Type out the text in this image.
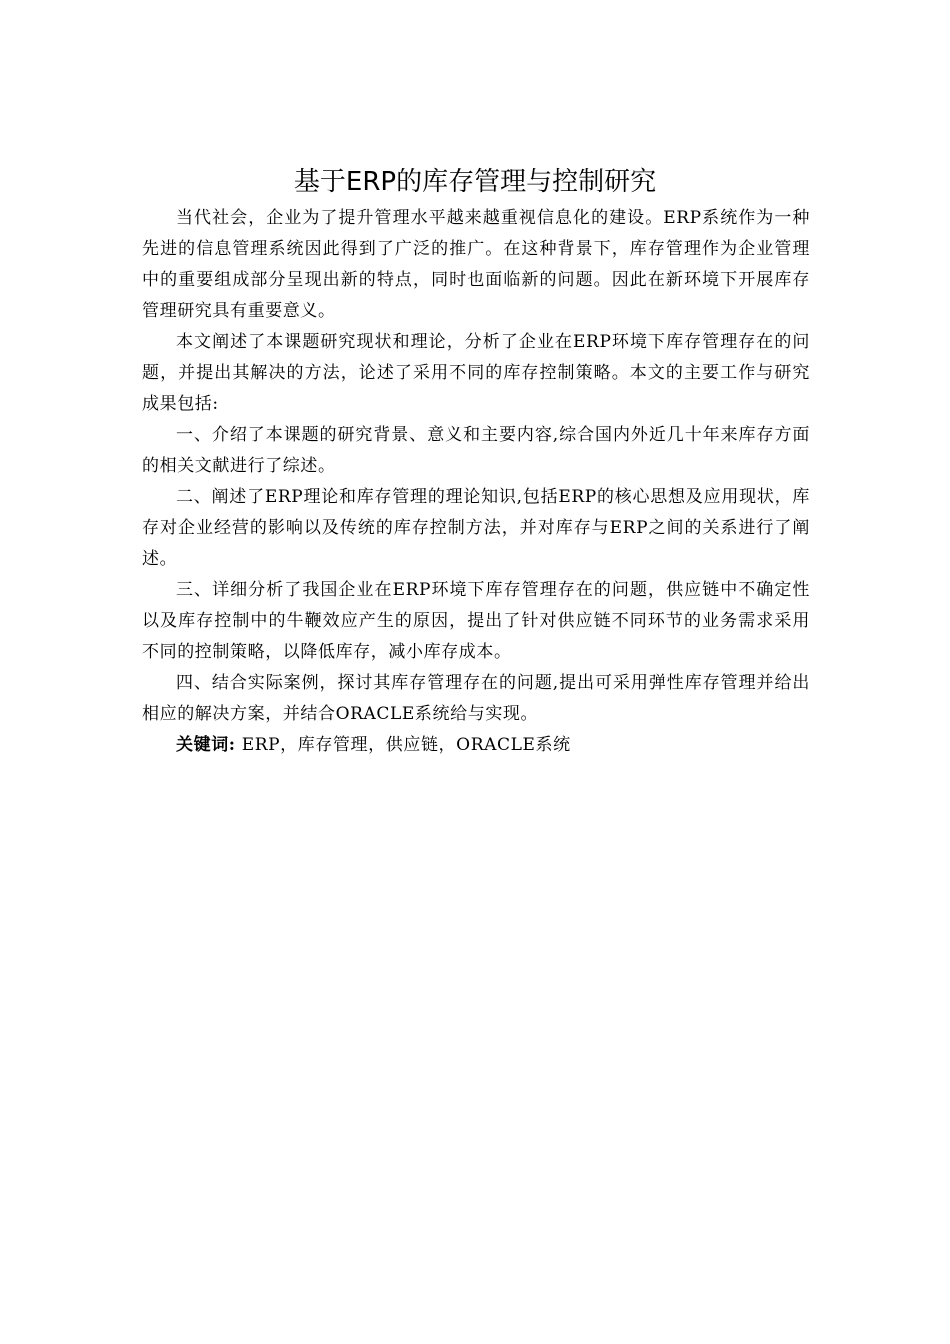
基于ERP的库存管理与控制研究

当代社会，企业为了提升管理水平越来越重视信息化的建设。ERP系统作为一种先进的信息管理系统因此得到了广泛的推广。在这种背景下，库存管理作为企业管理中的重要组成部分呈现出新的特点，同时也面临新的问题。因此在新环境下开展库存管理研究具有重要意义。

本文阐述了本课题研究现状和理论，分析了企业在ERP环境下库存管理存在的问题，并提出其解决的方法，论述了采用不同的库存控制策略。本文的主要工作与研究成果包括:

一、介绍了本课题的研究背景、意义和主要内容,综合国内外近几十年来库存方面的相关文献进行了综述。

二、阐述了ERP理论和库存管理的理论知识,包括ERP的核心思想及应用现状，库存对企业经营的影响以及传统的库存控制方法，并对库存与ERP之间的关系进行了阐述。

三、详细分析了我国企业在ERP环境下库存管理存在的问题，供应链中不确定性以及库存控制中的牛鞭效应产生的原因，提出了针对供应链不同环节的业务需求采用不同的控制策略，以降低库存，减小库存成本。

四、结合实际案例，探讨其库存管理存在的问题,提出可采用弹性库存管理并给出相应的解决方案，并结合ORACLE系统给与实现。

关键词: ERP，库存管理，供应链，ORACLE系统
